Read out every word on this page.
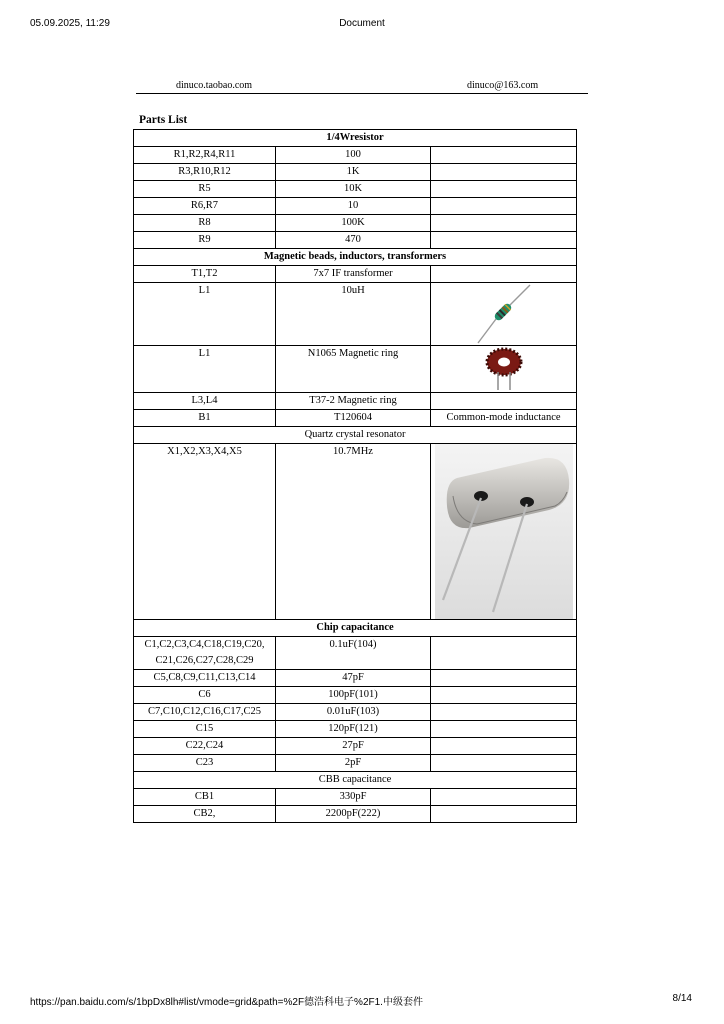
05.09.2025, 11:29	Document
dinuco.taobao.com	dinuco@163.com
Parts List
1/4Wresistor		
R1,R2,R4,R11	100	
R3,R10,R12	1K	
R5	10K	
R6,R7	10	
R8	100K	
R9	470	
Magnetic beads, inductors, transformers		
T1,T2	7x7 IF transformer	
L1	10uH	

L1	N1065 Magnetic ring	

L3,L4	T37-2 Magnetic ring	
B1	T120604	Common-mode inductance
Quartz crystal resonator		
X1,X2,X3,X4,X5	10.7MHz	

Chip capacitance		

C1,C2,C3,C4,C18,C19,C20,
C21,C26,C27,C28,C29	0.1uF(104)	
C5,C8,C9,C11,C13,C14	47pF	
C6	100pF(101)	
C7,C10,C12,C16,C17,C25	0.01uF(103)	
C15	120pF(121)	
C22,C24	27pF	
C23	2pF	
CBB capacitance		
CB1	330pF	
CB2,	2200pF(222)	
https://pan.baidu.com/s/1bpDx8lh#list/vmode=grid&path=%2F德浩科电子%2F1.中级套件	8/14
